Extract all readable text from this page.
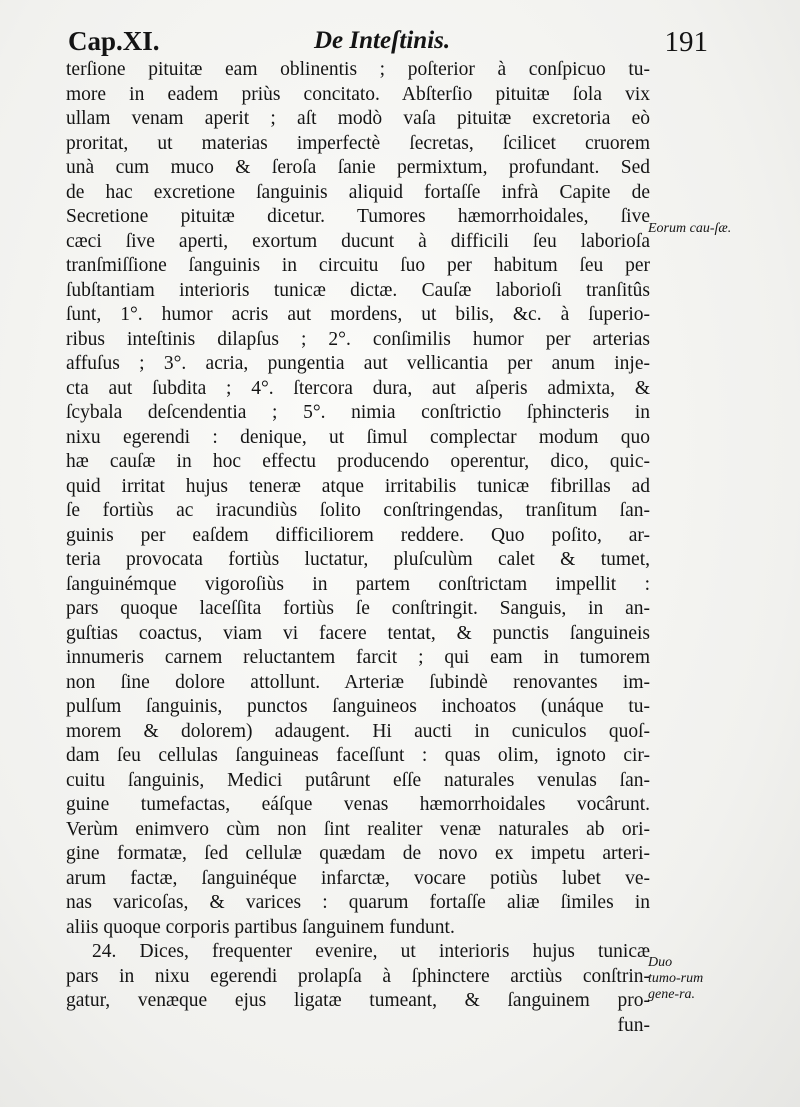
Cap.XI.	De Inteſtinis.	191
terſione pituitæ eam oblinentis ; poſterior à conſpicuo tu-
more in eadem priùs concitato. Abſterſio pituitæ ſola vix
ullam venam aperit ; aſt modò vaſa pituitæ excretoria eò
proritat, ut materias imperfectè ſecretas, ſcilicet cruorem
unà cum muco & ſeroſa ſanie permixtum, profundant. Sed
de hac excretione ſanguinis aliquid fortaſſe infrà Capite de
Secretione pituitæ dicetur. Tumores hæmorrhoidales, ſive
cæci ſive aperti, exortum ducunt à difficili ſeu laborioſa
tranſmiſſione ſanguinis in circuitu ſuo per habitum ſeu per
ſubſtantiam interioris tunicæ dictæ. Cauſæ laborioſi tranſitûs
ſunt, 1°. humor acris aut mordens, ut bilis, &c. à ſuperio-
ribus inteſtinis dilapſus ; 2°. conſimilis humor per arterias
affuſus ; 3°. acria, pungentia aut vellicantia per anum inje-
cta aut ſubdita ; 4°. ſtercora dura, aut aſperis admixta, &
ſcybala deſcendentia ; 5°. nimia conſtrictio ſphincteris in
nixu egerendi : denique, ut ſimul complectar modum quo
hæ cauſæ in hoc effectu producendo operentur, dico, quic-
quid irritat hujus teneræ atque irritabilis tunicæ fibrillas ad
ſe fortiùs ac iracundiùs ſolito conſtringendas, tranſitum ſan-
guinis per eaſdem difficiliorem reddere. Quo poſito, ar-
teria provocata fortiùs luctatur, pluſculùm calet & tumet,
ſanguinémque vigoroſiùs in partem conſtrictam impellit :
pars quoque laceſſita fortiùs ſe conſtringit. Sanguis, in an-
guſtias coactus, viam vi facere tentat, & punctis ſanguineis
innumeris carnem reluctantem farcit ; qui eam in tumorem
non ſine dolore attollunt. Arteriæ ſubindè renovantes im-
pulſum ſanguinis, punctos ſanguineos inchoatos (unáque tu-
morem & dolorem) adaugent. Hi aucti in cuniculos quoſ-
dam ſeu cellulas ſanguineas faceſſunt : quas olim, ignoto cir-
cuitu ſanguinis, Medici putârunt eſſe naturales venulas ſan-
guine tumefactas, eáſque venas hæmorrhoidales vocârunt.
Verùm enimvero cùm non ſint realiter venæ naturales ab ori-
gine formatæ, ſed cellulæ quædam de novo ex impetu arteri-
arum factæ, ſanguinéque infarctæ, vocare potiùs lubet ve-
nas varicoſas, & varices : quarum fortaſſe aliæ ſimiles in
aliis quoque corporis partibus ſanguinem fundunt.
24. Dices, frequenter evenire, ut interioris hujus tunicæ
pars in nixu egerendi prolapſa à ſphinctere arctiùs conſtrin-
gatur, venæque ejus ligatæ tumeant, & ſanguinem pro-
fun-
Eorum cau-ſæ.
Duo tumo-rum gene-ra.
